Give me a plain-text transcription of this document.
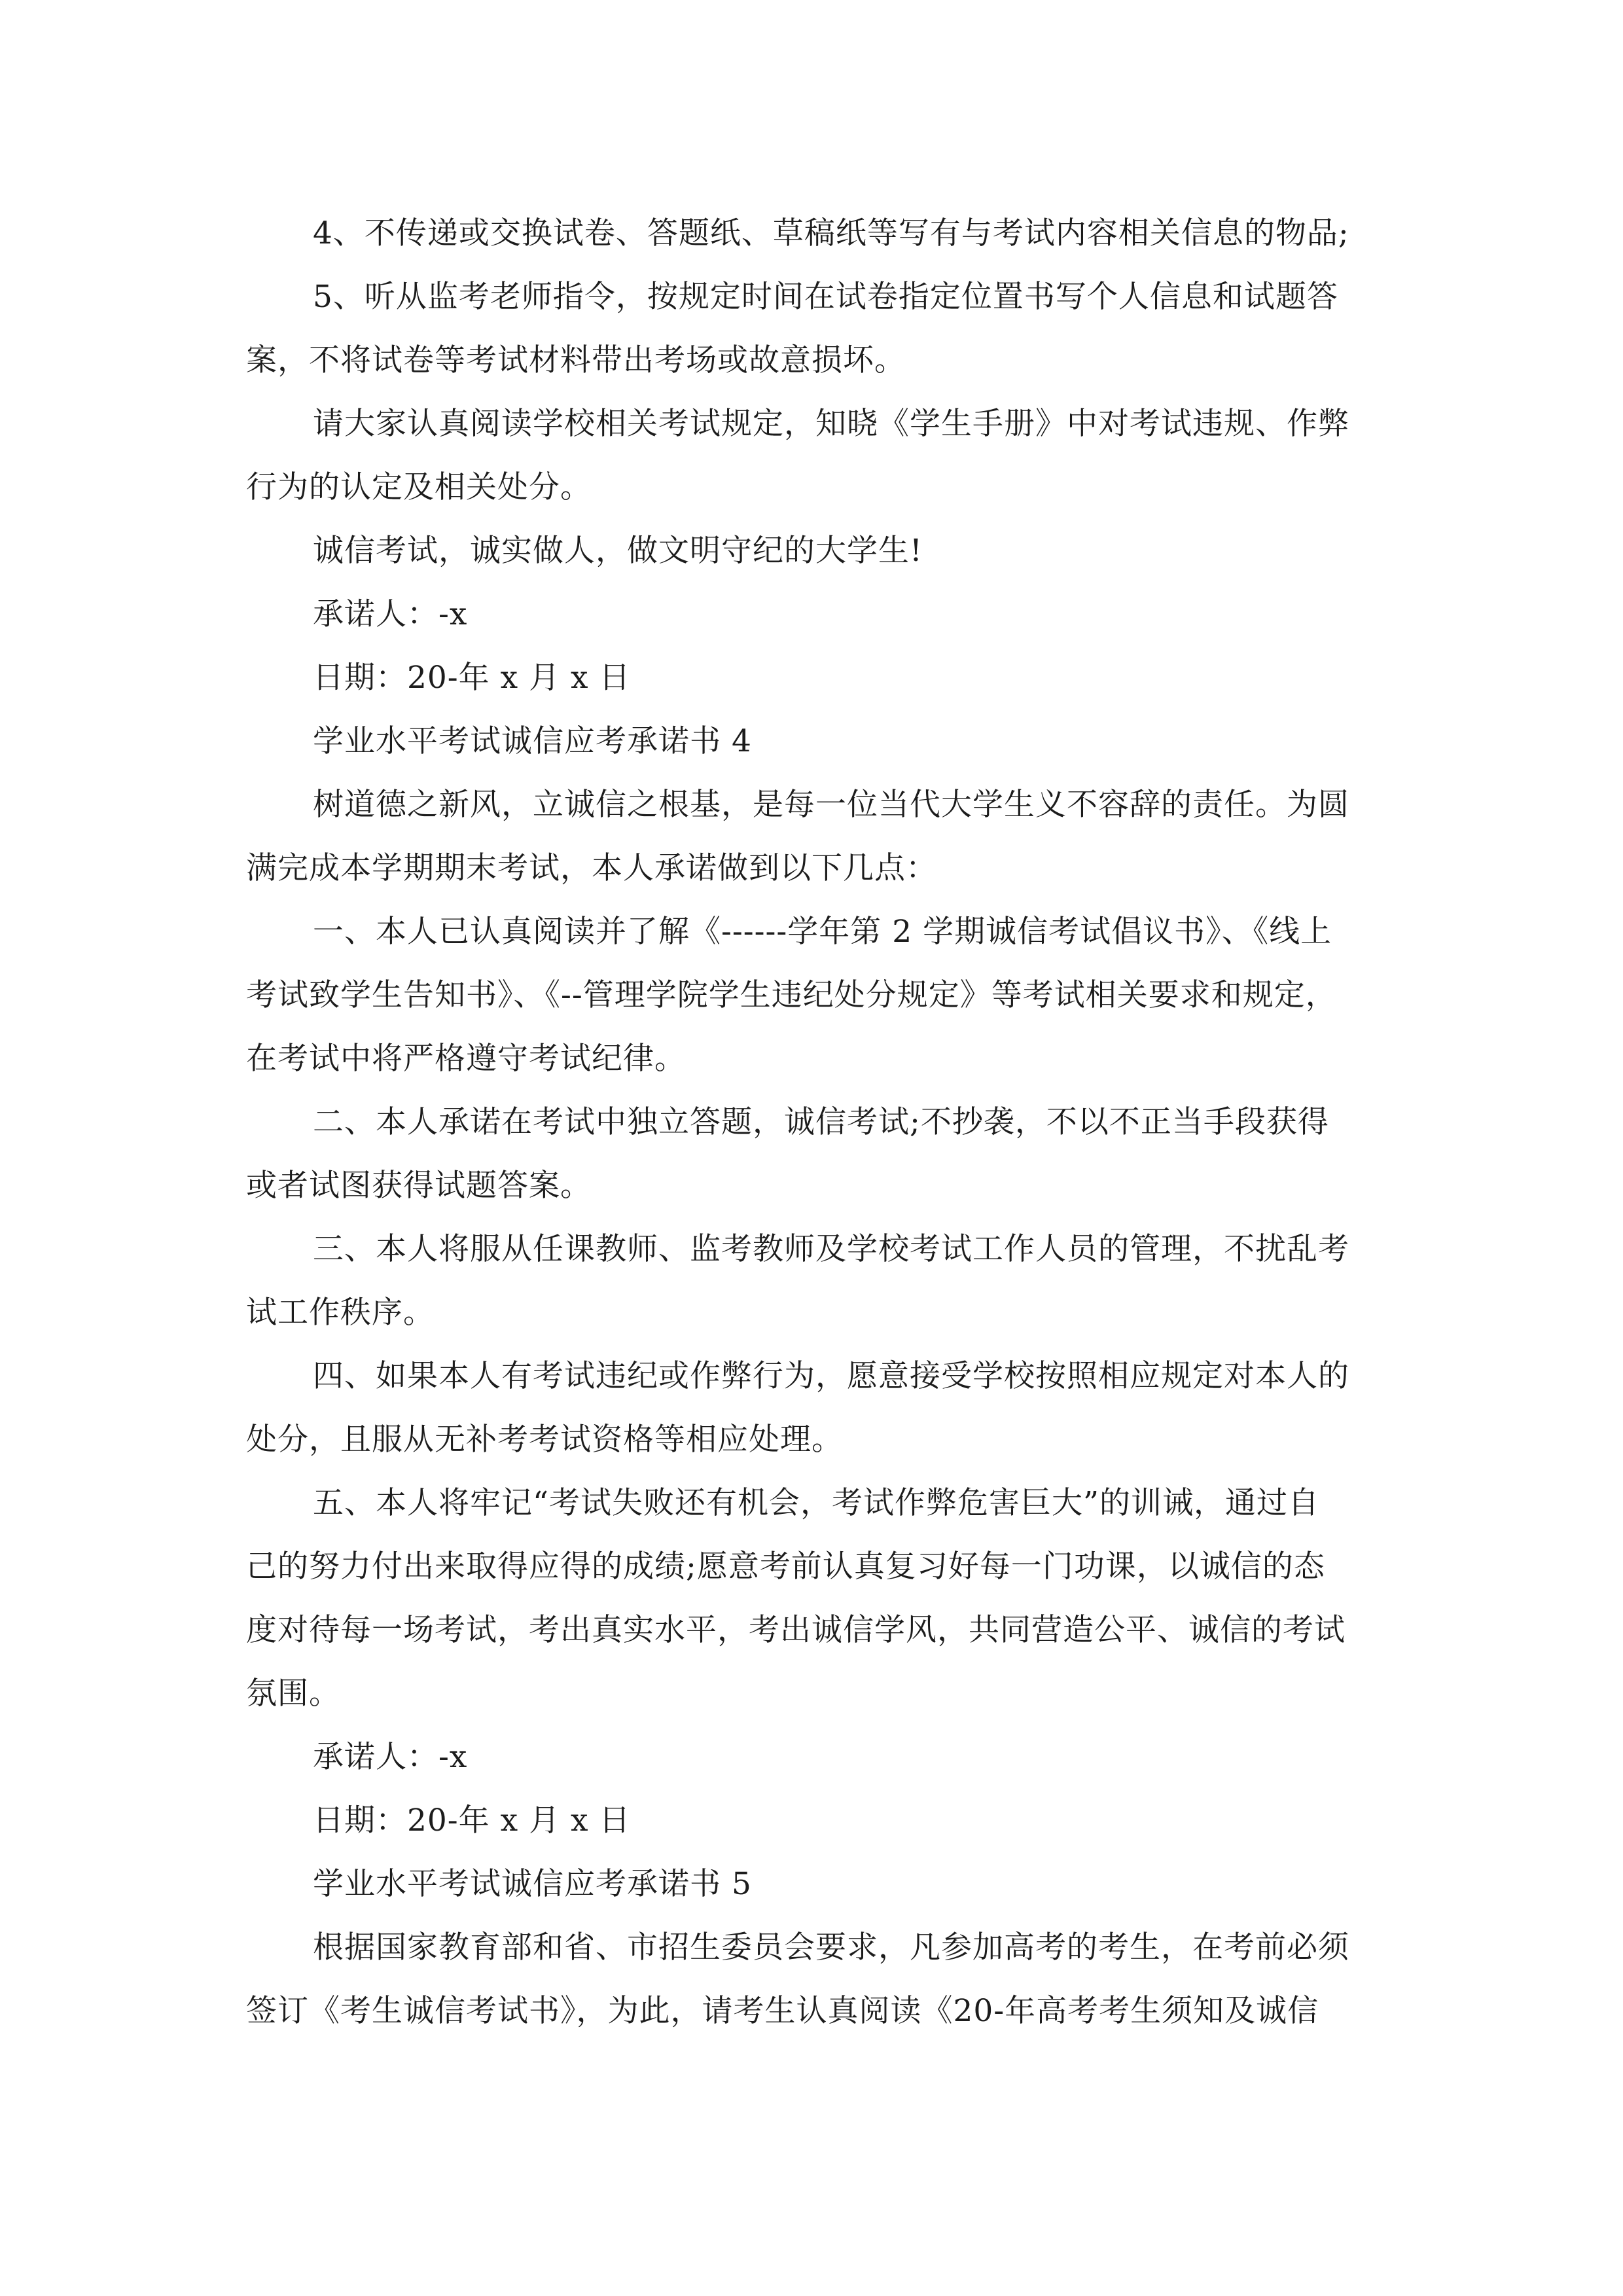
4、不传递或交换试卷、答题纸、草稿纸等写有与考试内容相关信息的物品;
5、听从监考老师指令，按规定时间在试卷指定位置书写个人信息和试题答
案，不将试卷等考试材料带出考场或故意损坏。
请大家认真阅读学校相关考试规定，知晓《学生手册》中对考试违规、作弊
行为的认定及相关处分。
诚信考试，诚实做人，做文明守纪的大学生!
承诺人：-x
日期：20-年 x 月 x 日
学业水平考试诚信应考承诺书 4
树道德之新风，立诚信之根基，是每一位当代大学生义不容辞的责任。为圆
满完成本学期期末考试，本人承诺做到以下几点：
一、本人已认真阅读并了解《------学年第 2 学期诚信考试倡议书》、《线上
考试致学生告知书》、《--管理学院学生违纪处分规定》等考试相关要求和规定，
在考试中将严格遵守考试纪律。
二、本人承诺在考试中独立答题，诚信考试;不抄袭，不以不正当手段获得
或者试图获得试题答案。
三、本人将服从任课教师、监考教师及学校考试工作人员的管理，不扰乱考
试工作秩序。
四、如果本人有考试违纪或作弊行为，愿意接受学校按照相应规定对本人的
处分，且服从无补考考试资格等相应处理。
五、本人将牢记“考试失败还有机会，考试作弊危害巨大”的训诫，通过自
己的努力付出来取得应得的成绩;愿意考前认真复习好每一门功课，以诚信的态
度对待每一场考试，考出真实水平，考出诚信学风，共同营造公平、诚信的考试
氛围。
承诺人：-x
日期：20-年 x 月 x 日
学业水平考试诚信应考承诺书 5
根据国家教育部和省、市招生委员会要求，凡参加高考的考生，在考前必须
签订《考生诚信考试书》，为此，请考生认真阅读《20-年高考考生须知及诚信
